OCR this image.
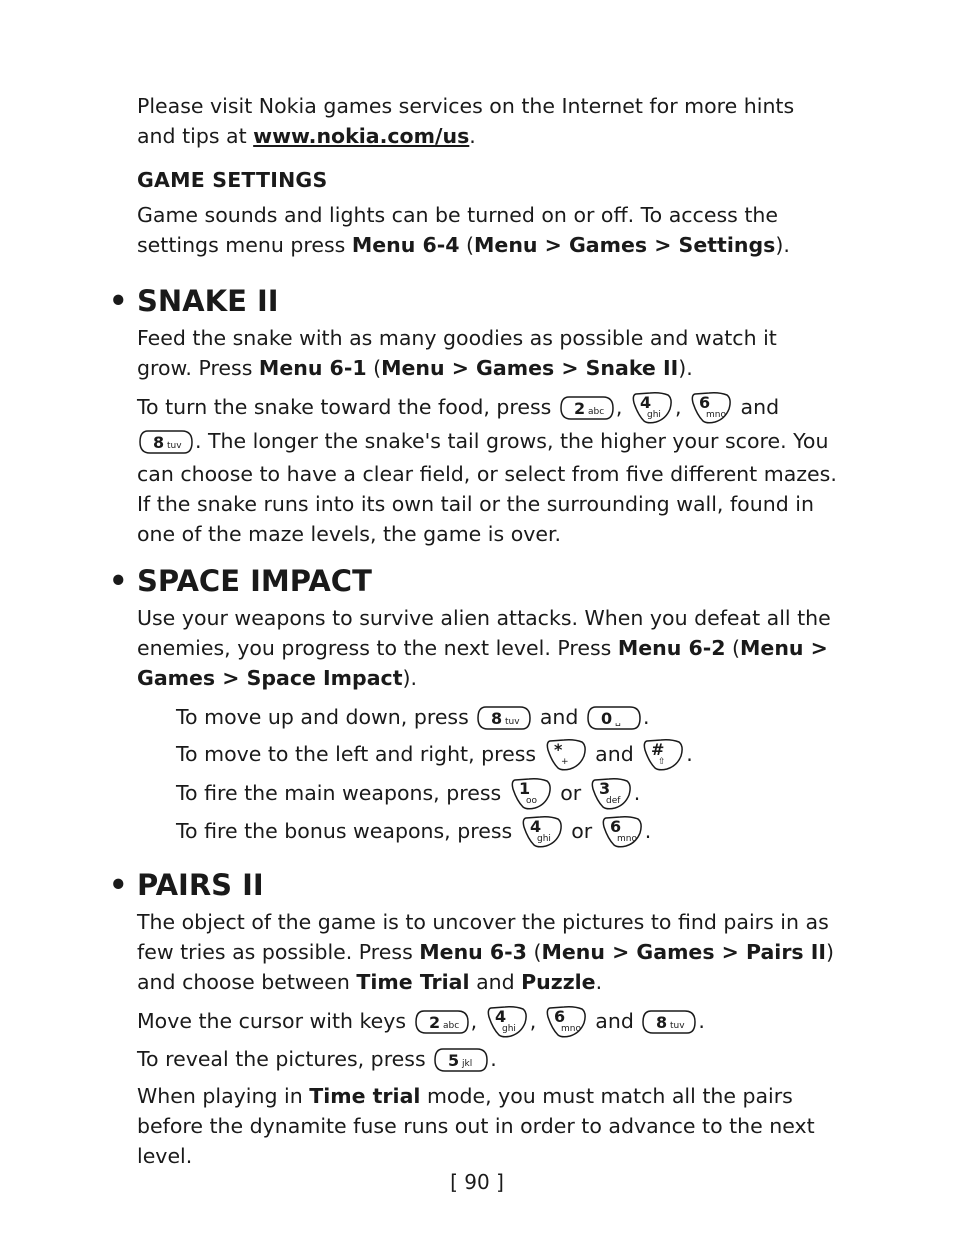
Please visit Nokia games services on the Internet for more hints and tips at www.nokia.com/us.

GAME SETTINGS

Game sounds and lights can be turned on or off. To access the settings menu press Menu 6-4 (Menu > Games > Settings).

• SNAKE II

Feed the snake with as many goodies as possible and watch it grow. Press Menu 6-1 (Menu > Games > Snake II).

To turn the snake toward the food, press 2 abc , 4
ghi , 6
mno and
8 tuv . The longer the snake's tail grows, the higher your score. You can choose to have a clear field, or select from five different mazes. If the snake runs into its own tail or the surrounding wall, found in one of the maze levels, the game is over.

• SPACE IMPACT

Use your weapons to survive alien attacks. When you defeat all the enemies, you progress to the next level. Press Menu 6-2 (Menu > Games > Space Impact).

To move up and down, press 8 tuv and 0 ␣ .

To move to the left and right, press *
+ and #
⇧ .

To fire the main weapons, press 1
oo or 3
def .

To fire the bonus weapons, press 4
ghi or 6
mno .

• PAIRS II

The object of the game is to uncover the pictures to find pairs in as few tries as possible. Press Menu 6-3 (Menu > Games > Pairs II) and choose between Time Trial and Puzzle.

Move the cursor with keys 2 abc , 4
ghi , 6
mno and 8 tuv .

To reveal the pictures, press 5 jkl .

When playing in Time trial mode, you must match all the pairs before the dynamite fuse runs out in order to advance to the next level.

[ 90 ]
